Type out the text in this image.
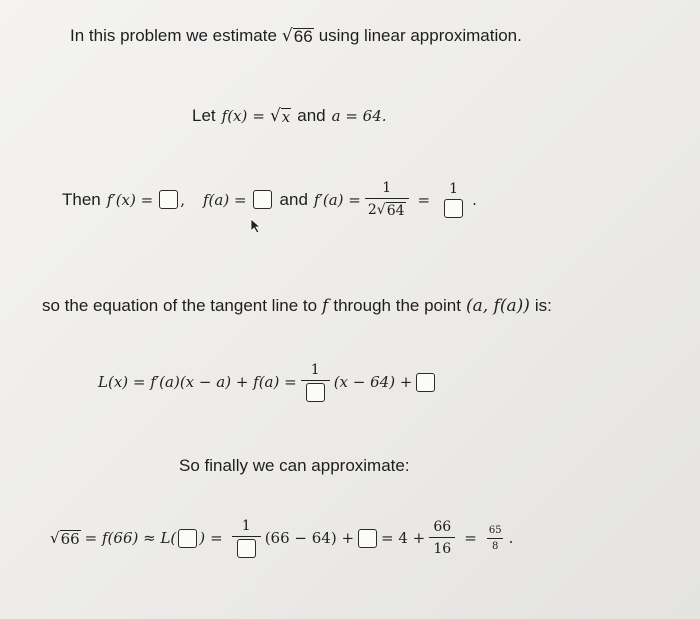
In this problem we estimate √ 66 using linear approximation.
Let f(x) = √ x and a = 64.
Then f′(x) = , f(a) = and $f'(a) = \frac{1}{2 √ 64}$ =
1
.
so the equation of the tangent line to f through the point (a, f(a)) is:
L(x) = f′(a)(x − a) + f(a) =
1
(x − 64) +
So finally we can approximate:
√ 66 = f(66) ≈ L( ) =
1
(66 − 64) + = $4 + \frac{66}{16} = \frac{65}{8}$ .
